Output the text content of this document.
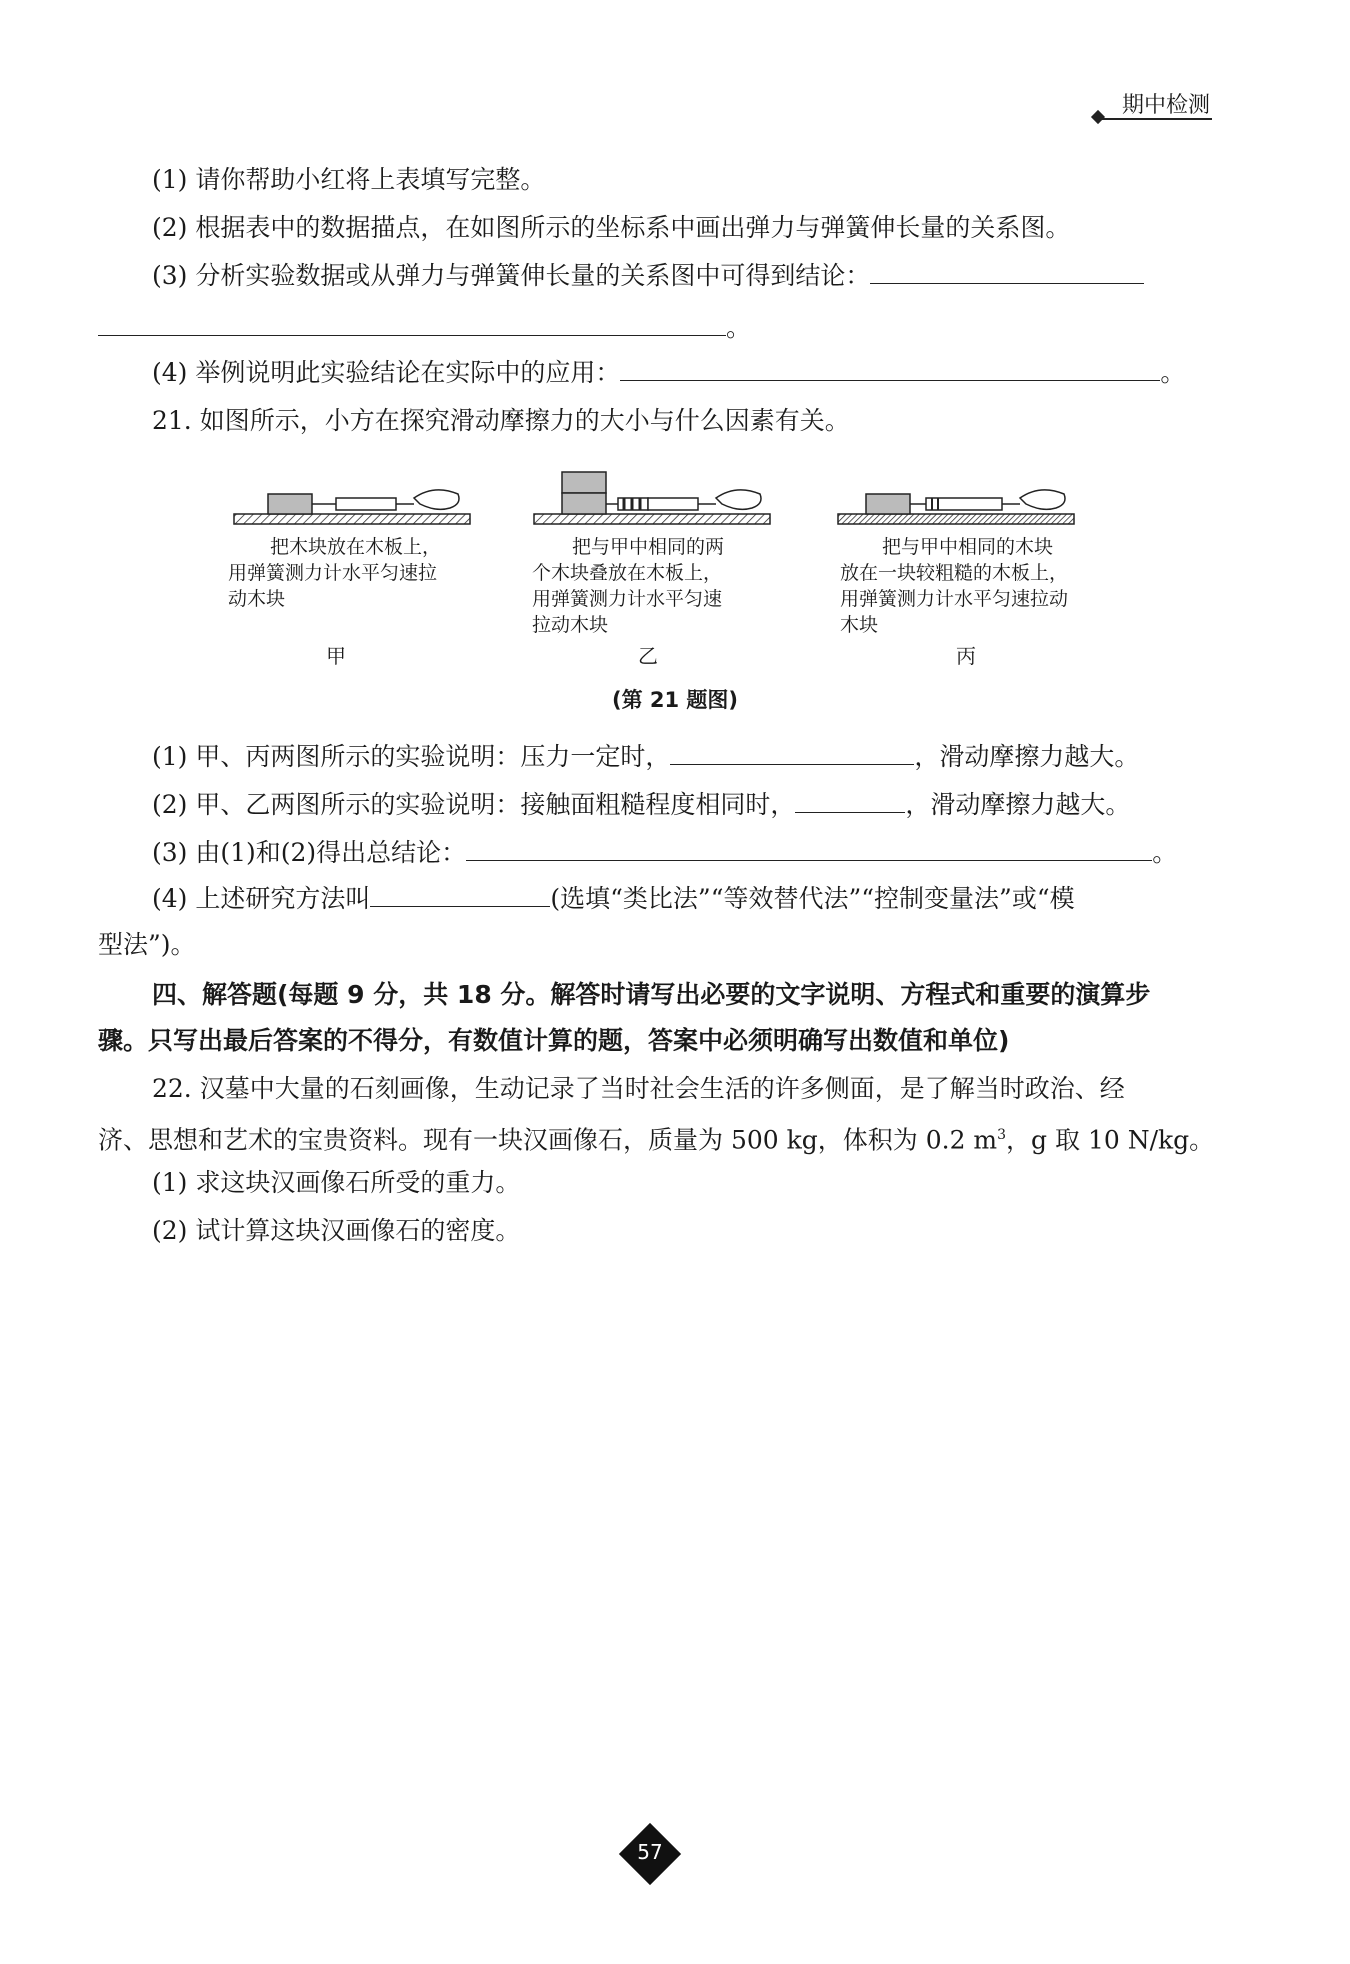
期中检测
(1) 请你帮助小红将上表填写完整。
(2) 根据表中的数据描点，在如图所示的坐标系中画出弹力与弹簧伸长量的关系图。
(3) 分析实验数据或从弹力与弹簧伸长量的关系图中可得到结论：
。
(4) 举例说明此实验结论在实际中的应用：	。
21. 如图所示，小方在探究滑动摩擦力的大小与什么因素有关。
把木块放在木板上，
用弹簧测力计水平匀速拉
动木块
甲
把与甲中相同的两
个木块叠放在木板上，
用弹簧测力计水平匀速
拉动木块
乙
把与甲中相同的木块
放在一块较粗糙的木板上，
用弹簧测力计水平匀速拉动
木块
丙
(第 21 题图)
(1) 甲、丙两图所示的实验说明：压力一定时，	，滑动摩擦力越大。
(2) 甲、乙两图所示的实验说明：接触面粗糙程度相同时，	，滑动摩擦力越大。
(3) 由(1)和(2)得出总结论：	。
(4) 上述研究方法叫	(选填“类比法”“等效替代法”“控制变量法”或“模
型法”)。
四、解答题(每题 9 分，共 18 分。解答时请写出必要的文字说明、方程式和重要的演算步
骤。只写出最后答案的不得分，有数值计算的题，答案中必须明确写出数值和单位)
22. 汉墓中大量的石刻画像，生动记录了当时社会生活的许多侧面，是了解当时政治、经
济、思想和艺术的宝贵资料。现有一块汉画像石，质量为 500 kg，体积为 0.2 $m^3$，g 取 10 N/kg。
(1) 求这块汉画像石所受的重力。
(2) 试计算这块汉画像石的密度。
57
